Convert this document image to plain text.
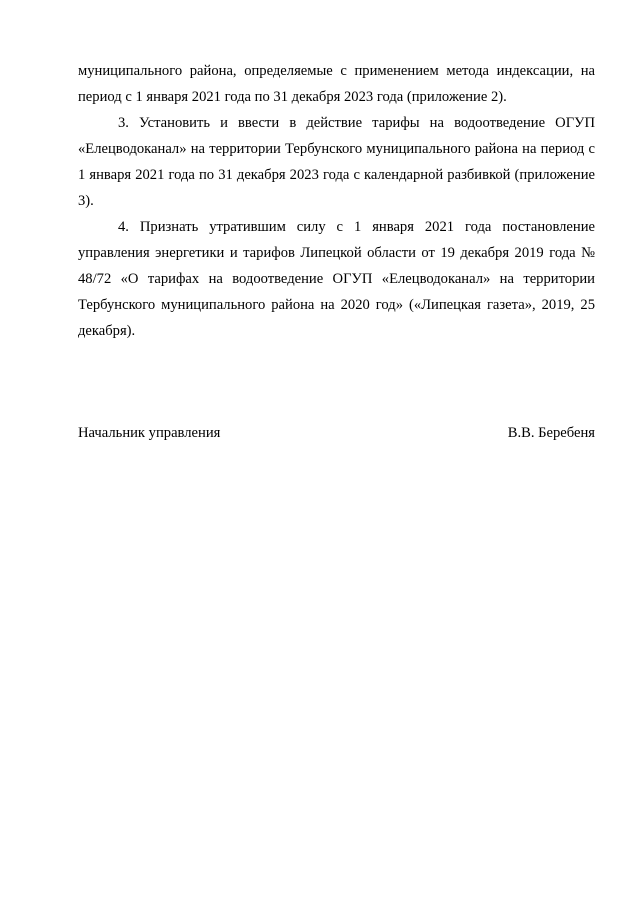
муниципального района, определяемые с применением метода индексации, на период с 1 января 2021 года по 31 декабря 2023 года (приложение 2).

3. Установить и ввести в действие тарифы на водоотведение ОГУП «Елецводоканал» на территории Тербунского муниципального района на период с 1 января 2021 года по 31 декабря 2023 года с календарной разбивкой (приложение 3).

4. Признать утратившим силу с 1 января 2021 года постановление управления энергетики и тарифов Липецкой области от 19 декабря 2019 года № 48/72 «О тарифах на водоотведение ОГУП «Елецводоканал» на территории Тербунского муниципального района на 2020 год» («Липецкая газета», 2019, 25 декабря).

Начальник управления	В.В. Беребеня
